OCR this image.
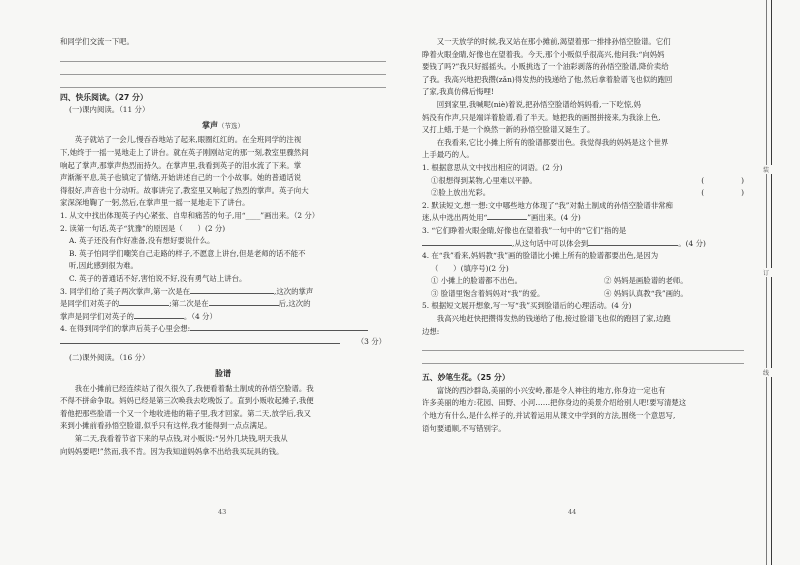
和同学们交流一下吧。

四、快乐阅读。（27 分）

(一)课内阅读。（11 分）

掌声（节选）

英子就站了一会儿,慢吞吞地站了起来,眼圈红红的。在全班同学的注视

下,她终于一摇一晃地走上了讲台。就在英子刚刚站定的那一刻,教室里骤然间

响起了掌声,那掌声热烈而持久。在掌声里,我看到英子的泪水流了下来。掌

声渐渐平息,英子也镇定了情绪,开始讲述自己的一个小故事。她的普通话说

得很好,声音也十分动听。故事讲完了,教室里又响起了热烈的掌声。英子向大

家深深地鞠了一躬,然后,在掌声里一摇一晃地走下了讲台。

1. 从文中找出体现英子内心紧张、自卑和痛苦的句子,用“____”画出来。（2 分）

2. 读第一句话,英子“犹豫”的原因是（　　）(2 分)

A. 英子还没有作好准备,没有想好要说什么。

B. 英子怕同学们嘲笑自己走路的样子,不愿意上讲台,但是老师的话不能不

听,因此感到很为难。

C. 英子的普通话不好,害怕说不好,没有勇气站上讲台。

3. 同学们给了英子两次掌声,第一次是在	,这次的掌声

是同学们对英子的	;第二次是在	后,这次的

掌声是同学们对英子的	。（4 分）

4. 在得到同学们的掌声后英子心里会想:

（3 分）

(二)课外阅读。（16 分）

脸谱

我在小摊前已经连续站了很久很久了,我便看着黏土制成的孙悟空脸谱。我

不得不拼命争取。妈妈已经是第三次唤我去吃晚饭了。直到小贩收起摊子,我便

着他把那些脸谱一个又一个地收进他的箱子里,我才回家。第二天,放学后,我又

来到小摊前看孙悟空脸谱,似乎只有这样,我才能得到一点点满足。

第二天,我看着节省下来的早点钱,对小贩说:“另外几块钱,明天我从

向妈妈要吧!”然而,我不肯。因为我知道妈妈拿不出给我买玩具的钱。

43

又一天放学的时候,我又站在那小摊前,渴望着那一排排孙悟空脸谱。它们

睁着火眼金睛,好像也在望着我。今天,那个小贩似乎很高兴,他问我:“向妈妈

要钱了吗?”我只好摇摇头。小贩挑选了一个油彩剥落的孙悟空脸谱,降价卖给

了我。我高兴地把我攒(zǎn)得发热的钱递给了他,然后拿着脸谱飞也似的跑回

了家,我真仿佛后悔哩!

回到家里,我喊呢(niè)着说,把孙悟空脸谱给妈妈看,一下吃惊,妈

妈没有作声,只是端详着脸谱,看了半天。她把我的画图拼接来,为我涂上色,

又打上蜡,于是一个焕然一新的孙悟空脸谱又诞生了。

在我看来,它比小摊上所有的脸谱都要出色。我觉得我的妈妈是这个世界

上手最巧的人。

1. 根据意思从文中找出相应的词语。(2 分)

①很想得到某物,心里难以平静。	(　　　　　)

②脸上放出光彩。	(　　　　　)

2. 默读短文,想一想:文中哪些地方体现了“我”对黏土制成的孙悟空脸谱非常痴

迷,从中选出两处用“	”画出来。(4 分)

3. “它们睁着火眼金睛,好像也在望着我”一句中的“它们”指的是

,从这句话中可以体会到	。(4 分)

4. 在“我”看来,妈妈教“我”画的脸谱比小摊上所有的脸谱都要出色,是因为

（　　）(填序号)(2 分)

① 小摊上的脸谱都不出色。	② 妈妈是画脸谱的老师。

③ 脸谱里饱含着妈妈对“我”的爱。	④ 妈妈认真教“我”画的。

5. 根据短文展开想象,写一写“我”买到脸谱后的心理活动。(4 分)

我高兴地赶快把攒得发热的钱递给了他,接过脸谱飞也似的跑回了家,边跑

边想:

五、妙笔生花。（25 分）

富饶的西沙群岛,美丽的小兴安岭,都是令人神往的地方,你身边一定也有

许多美丽的地方:花园、田野、小河……把你身边的美景介绍给别人吧!要写清楚这

个地方有什么,是什么样子的,并试着运用从课文中学到的方法,围绕一个意思写,

语句要通顺,不写错别字。

44
装
订
线
